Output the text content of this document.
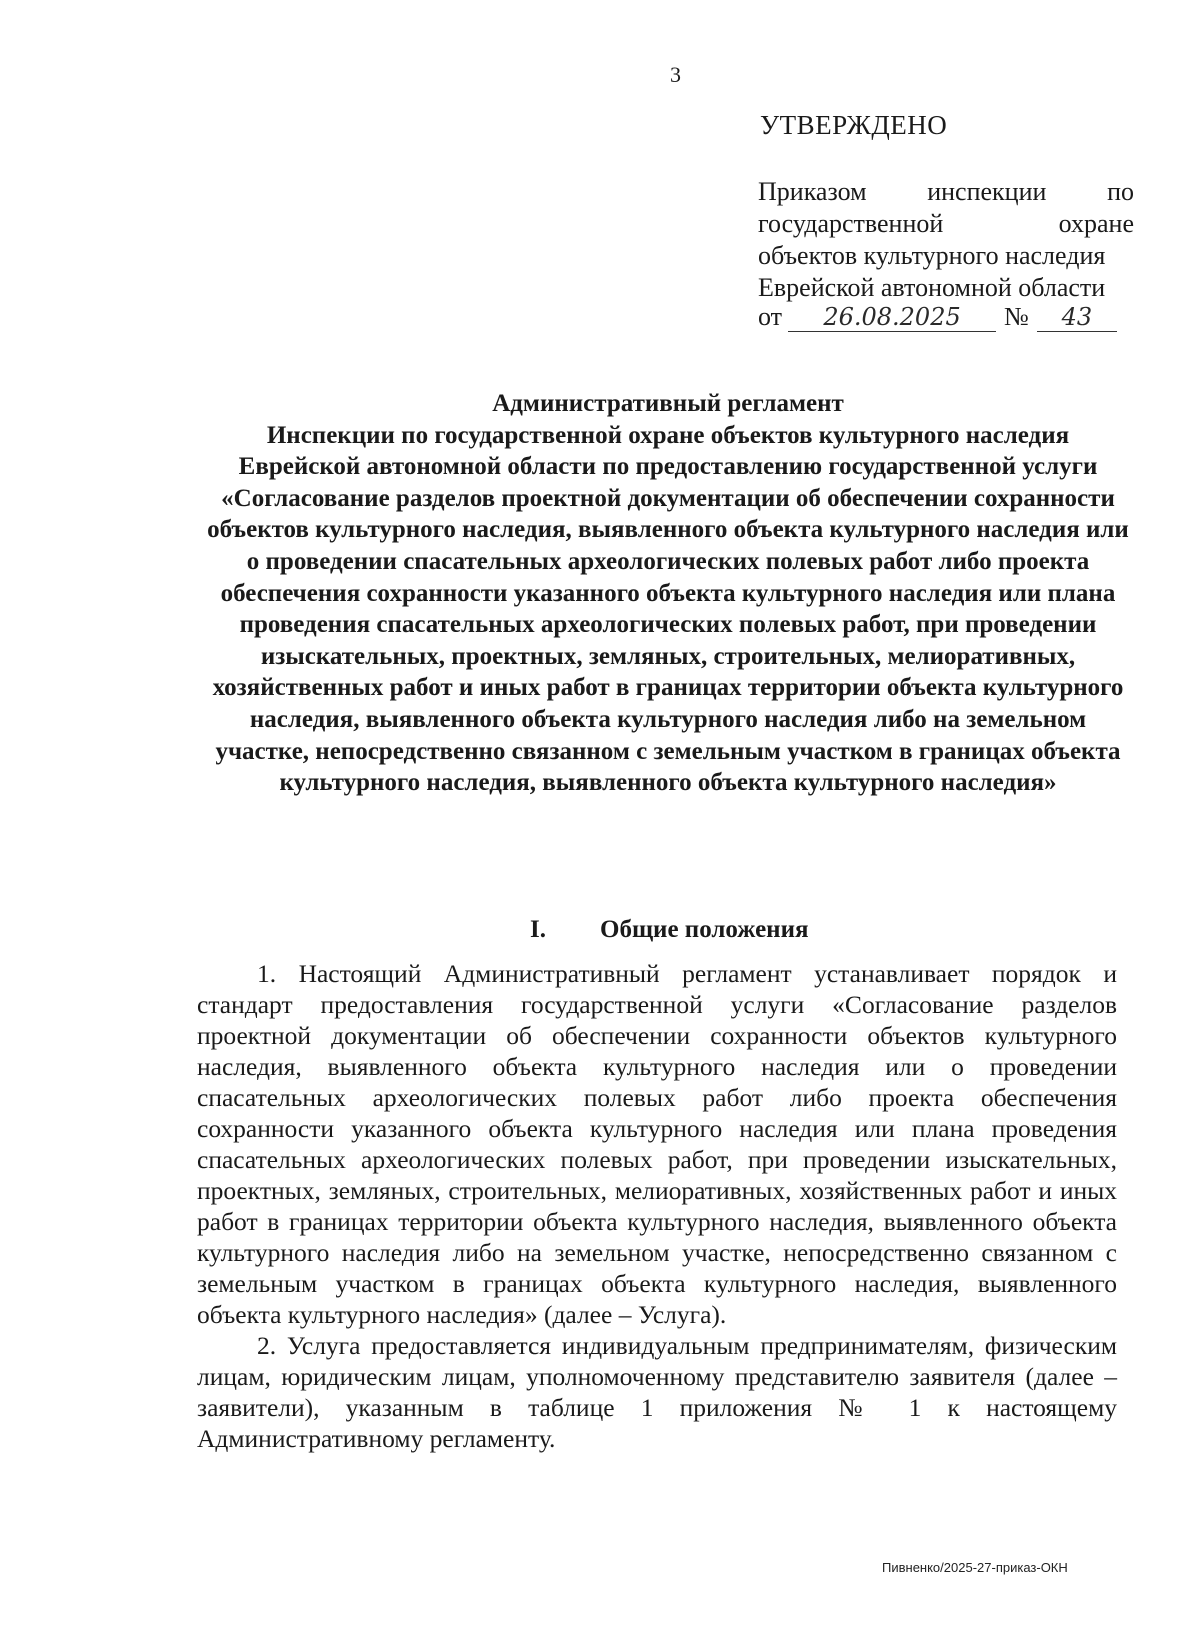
3
УТВЕРЖДЕНО
Приказом инспекции по
государственной охране
объектов культурного наследия
Еврейской автономной области
от 26.08.2025 № 43
Административный регламент
Инспекции по государственной охране объектов культурного наследия Еврейской автономной области по предоставлению государственной услуги «Согласование разделов проектной документации об обеспечении сохранности объектов культурного наследия, выявленного объекта культурного наследия или о проведении спасательных археологических полевых работ либо проекта обеспечения сохранности указанного объекта культурного наследия или плана проведения спасательных археологических полевых работ, при проведении изыскательных, проектных, земляных, строительных, мелиоративных, хозяйственных работ и иных работ в границах территории объекта культурного наследия, выявленного объекта культурного наследия либо на земельном участке, непосредственно связанном с земельным участком в границах объекта культурного наследия, выявленного объекта культурного наследия»
I. Общие положения

1. Настоящий Административный регламент устанавливает порядок и стандарт предоставления государственной услуги «Согласование разделов проектной документации об обеспечении сохранности объектов культурного наследия, выявленного объекта культурного наследия или о проведении спасательных археологических полевых работ либо проекта обеспечения сохранности указанного объекта культурного наследия или плана проведения спасательных археологических полевых работ, при проведении изыскательных, проектных, земляных, строительных, мелиоративных, хозяйственных работ и иных работ в границах территории объекта культурного наследия, выявленного объекта культурного наследия либо на земельном участке, непосредственно связанном с земельным участком в границах объекта культурного наследия, выявленного объекта культурного наследия» (далее – Услуга).

2. Услуга предоставляется индивидуальным предпринимателям, физическим лицам, юридическим лицам, уполномоченному представителю заявителя (далее – заявители), указанным в таблице 1 приложения № 1 к настоящему Административному регламенту.

Пивненко/2025-27-приказ-ОКН
